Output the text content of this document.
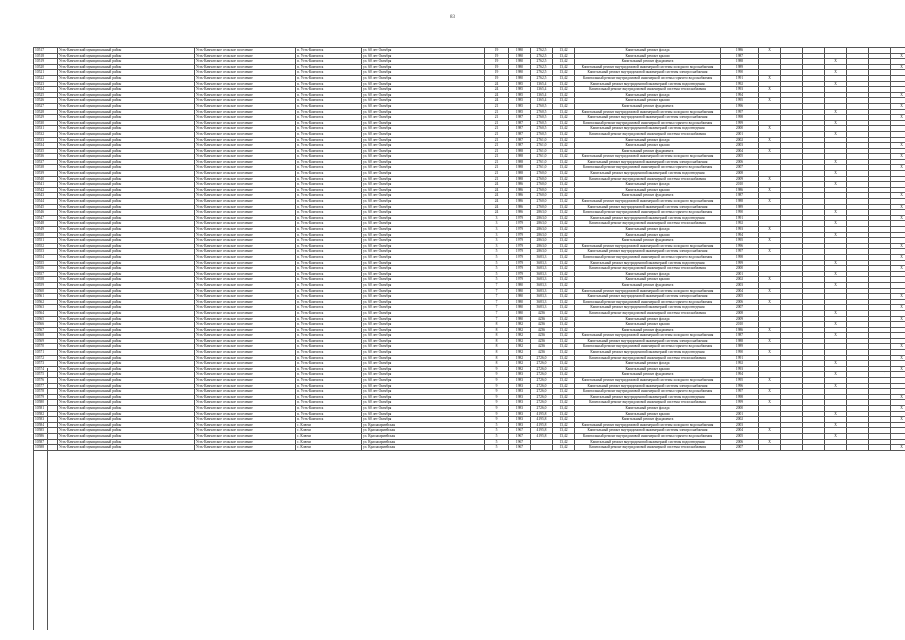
83
10517	Усть-Камчатский муниципальный район	Усть-Камчатское сельское поселение	п. Усть-Камчатск	ул. 60 лет Октября	19	1980	2762,5	13,42	Капитальный ремонт фасада	1986	X								
10518	Усть-Камчатский муниципальный район	Усть-Камчатское сельское поселение	п. Усть-Камчатск	ул. 60 лет Октября	19	1980	2762,5	13,42	Капитальный ремонт крыши	1987							X		
10519	Усть-Камчатский муниципальный район	Усть-Камчатское сельское поселение	п. Усть-Камчатск	ул. 60 лет Октября	19	1980	2762,5	13,42	Капитальный ремонт фундамента	1988				X					
10520	Усть-Камчатский муниципальный район	Усть-Камчатское сельское поселение	п. Усть-Камчатск	ул. 60 лет Октября	19	1980	2762,5	13,42	Капитальный ремонт внутридомовой инженерной системы холодного водоснабжения	1989							X		
10521	Усть-Камчатский муниципальный район	Усть-Камчатское сельское поселение	п. Усть-Камчатск	ул. 60 лет Октября	19	1980	2762,5	13,42	Капитальный ремонт внутридомовой инженерной системы электроснабжения	1990				X					
10522	Усть-Камчатский муниципальный район	Усть-Камчатское сельское поселение	п. Усть-Камчатск	ул. 60 лет Октября	19	1980	2762,5	13,42	Капитальный ремонт внутридомовой инженерной системы горячего водоснабжения	1991	X								
10523	Усть-Камчатский муниципальный район	Усть-Камчатское сельское поселение	п. Усть-Камчатск	ул. 60 лет Октября	24	1985	1365,4	13,42	Капитальный ремонт внутридомовой инженерной системы водоотведения	1992				X					
10524	Усть-Камчатский муниципальный район	Усть-Камчатское сельское поселение	п. Усть-Камчатск	ул. 60 лет Октября	24	1985	1365,4	13,42	Капитальный ремонт внутридомовой инженерной системы теплоснабжения	1993	X								
10525	Усть-Камчатский муниципальный район	Усть-Камчатское сельское поселение	п. Усть-Камчатск	ул. 60 лет Октября	24	1985	1365,4	13,42	Капитальный ремонт фасада	1994							X		
10526	Усть-Камчатский муниципальный район	Усть-Камчатское сельское поселение	п. Усть-Камчатск	ул. 60 лет Октября	24	1985	1365,4	13,42	Капитальный ремонт крыши	1995	X								
10527	Усть-Камчатский муниципальный район	Усть-Камчатское сельское поселение	п. Усть-Камчатск	ул. 60 лет Октября	21	1985	2760,5	13,42	Капитальный ремонт фундамента	1996							X		
10528	Усть-Камчатский муниципальный район	Усть-Камчатское сельское поселение	п. Усть-Камчатск	ул. 60 лет Октября	21	1985	2760,5	13,42	Капитальный ремонт внутридомовой инженерной системы холодного водоснабжения	1997				X					
10529	Усть-Камчатский муниципальный район	Усть-Камчатское сельское поселение	п. Усть-Камчатск	ул. 60 лет Октября	21	1987	2760,5	13,42	Капитальный ремонт внутридомовой инженерной системы электроснабжения	1998							X		
10530	Усть-Камчатский муниципальный район	Усть-Камчатское сельское поселение	п. Усть-Камчатск	ул. 60 лет Октября	21	1987	2760,5	13,42	Капитальный ремонт внутридомовой инженерной системы горячего водоснабжения	1999				X					
10531	Усть-Камчатский муниципальный район	Усть-Камчатское сельское поселение	п. Усть-Камчатск	ул. 60 лет Октября	21	1987	2760,5	13,42	Капитальный ремонт внутридомовой инженерной системы водоотведения	2000	X								
10532	Усть-Камчатский муниципальный район	Усть-Камчатское сельское поселение	п. Усть-Камчатск	ул. 60 лет Октября	21	1987	2760,5	13,42	Капитальный ремонт внутридомовой инженерной системы теплоснабжения	2001				X					
10533	Усть-Камчатский муниципальный район	Усть-Камчатское сельское поселение	п. Усть-Камчатск	ул. 60 лет Октября	21	1987	2761,0	13,42	Капитальный ремонт фасада	2002	X								
10534	Усть-Камчатский муниципальный район	Усть-Камчатское сельское поселение	п. Усть-Камчатск	ул. 60 лет Октября	21	1987	2761,0	13,42	Капитальный ремонт крыши	2003							X		
10535	Усть-Камчатский муниципальный район	Усть-Камчатское сельское поселение	п. Усть-Камчатск	ул. 60 лет Октября	21	1988	2761,0	13,42	Капитальный ремонт фундамента	2004	X								
10536	Усть-Камчатский муниципальный район	Усть-Камчатское сельское поселение	п. Усть-Камчатск	ул. 60 лет Октября	21	1988	2761,0	13,42	Капитальный ремонт внутридомовой инженерной системы холодного водоснабжения	2005							X		
10537	Усть-Камчатский муниципальный район	Усть-Камчатское сельское поселение	п. Усть-Камчатск	ул. 60 лет Октября	21	1988	2761,0	13,42	Капитальный ремонт внутридомовой инженерной системы электроснабжения	2006				X					
10538	Усть-Камчатский муниципальный район	Усть-Камчатское сельское поселение	п. Усть-Камчатск	ул. 60 лет Октября	21	1988	2761,0	13,42	Капитальный ремонт внутридомовой инженерной системы горячего водоснабжения	2007							X		
10539	Усть-Камчатский муниципальный район	Усть-Камчатское сельское поселение	п. Усть-Камчатск	ул. 60 лет Октября	21	1988	2760,0	13,42	Капитальный ремонт внутридомовой инженерной системы водоотведения	2008				X					
10540	Усть-Камчатский муниципальный район	Усть-Камчатское сельское поселение	п. Усть-Камчатск	ул. 60 лет Октября	21	1988	2760,0	13,42	Капитальный ремонт внутридомовой инженерной системы теплоснабжения	2009	X								
10541	Усть-Камчатский муниципальный район	Усть-Камчатское сельское поселение	п. Усть-Камчатск	ул. 60 лет Октября	24	1986	2760,0	13,42	Капитальный ремонт фасада	2010				X					
10542	Усть-Камчатский муниципальный район	Усть-Камчатское сельское поселение	п. Усть-Камчатск	ул. 60 лет Октября	24	1986	2760,0	13,42	Капитальный ремонт крыши	1986	X								
10543	Усть-Камчатский муниципальный район	Усть-Камчатское сельское поселение	п. Усть-Камчатск	ул. 60 лет Октября	24	1986	2760,0	13,42	Капитальный ремонт фундамента	1987							X		
10544	Усть-Камчатский муниципальный район	Усть-Камчатское сельское поселение	п. Усть-Камчатск	ул. 60 лет Октября	24	1986	2760,0	13,42	Капитальный ремонт внутридомовой инженерной системы холодного водоснабжения	1988	X								
10545	Усть-Камчатский муниципальный район	Усть-Камчатское сельское поселение	п. Усть-Камчатск	ул. 60 лет Октября	24	1986	2760,0	13,42	Капитальный ремонт внутридомовой инженерной системы электроснабжения	1989							X		
10546	Усть-Камчатский муниципальный район	Усть-Камчатское сельское поселение	п. Усть-Камчатск	ул. 60 лет Октября	24	1986	2863,0	13,42	Капитальный ремонт внутридомовой инженерной системы горячего водоснабжения	1990				X					
10547	Усть-Камчатский муниципальный район	Усть-Камчатское сельское поселение	п. Усть-Камчатск	ул. 60 лет Октября	3	1979	2863,0	13,42	Капитальный ремонт внутридомовой инженерной системы водоотведения	1991							X		
10548	Усть-Камчатский муниципальный район	Усть-Камчатское сельское поселение	п. Усть-Камчатск	ул. 60 лет Октября	3	1979	2863,0	13,42	Капитальный ремонт внутридомовой инженерной системы теплоснабжения	1992				X					
10549	Усть-Камчатский муниципальный район	Усть-Камчатское сельское поселение	п. Усть-Камчатск	ул. 60 лет Октября	3	1979	2863,0	13,42	Капитальный ремонт фасада	1993	X								
10550	Усть-Камчатский муниципальный район	Усть-Камчатское сельское поселение	п. Усть-Камчатск	ул. 60 лет Октября	3	1979	2863,0	13,42	Капитальный ремонт крыши	1994				X					
10551	Усть-Камчатский муниципальный район	Усть-Камчатское сельское поселение	п. Усть-Камчатск	ул. 60 лет Октября	3	1979	2863,0	13,42	Капитальный ремонт фундамента	1995	X								
10552	Усть-Камчатский муниципальный район	Усть-Камчатское сельское поселение	п. Усть-Камчатск	ул. 60 лет Октября	3	1979	2863,0	13,42	Капитальный ремонт внутридомовой инженерной системы холодного водоснабжения	1996							X		
10553	Усть-Камчатский муниципальный район	Усть-Камчатское сельское поселение	п. Усть-Камчатск	ул. 60 лет Октября	5	1979	2863,0	13,42	Капитальный ремонт внутридомовой инженерной системы электроснабжения	1997	X								
10554	Усть-Камчатский муниципальный район	Усть-Камчатское сельское поселение	п. Усть-Камчатск	ул. 60 лет Октября	5	1979	3683,3	13,42	Капитальный ремонт внутридомовой инженерной системы горячего водоснабжения	1998							X		
10555	Усть-Камчатский муниципальный район	Усть-Камчатское сельское поселение	п. Усть-Камчатск	ул. 60 лет Октября	5	1979	3683,3	13,42	Капитальный ремонт внутридомовой инженерной системы водоотведения	1999				X					
10556	Усть-Камчатский муниципальный район	Усть-Камчатское сельское поселение	п. Усть-Камчатск	ул. 60 лет Октября	5	1979	3683,3	13,42	Капитальный ремонт внутридомовой инженерной системы теплоснабжения	2000							X		
10557	Усть-Камчатский муниципальный район	Усть-Камчатское сельское поселение	п. Усть-Камчатск	ул. 60 лет Октября	5	1979	3683,3	13,42	Капитальный ремонт фасада	2001				X					
10558	Усть-Камчатский муниципальный район	Усть-Камчатское сельское поселение	п. Усть-Камчатск	ул. 60 лет Октября	5	1979	3683,3	13,42	Капитальный ремонт крыши	2002	X								
10559	Усть-Камчатский муниципальный район	Усть-Камчатское сельское поселение	п. Усть-Камчатск	ул. 60 лет Октября	7	1980	3683,3	13,42	Капитальный ремонт фундамента	2003				X					
10560	Усть-Камчатский муниципальный район	Усть-Камчатское сельское поселение	п. Усть-Камчатск	ул. 60 лет Октября	7	1980	3683,3	13,42	Капитальный ремонт внутридомовой инженерной системы холодного водоснабжения	2004	X								
10561	Усть-Камчатский муниципальный район	Усть-Камчатское сельское поселение	п. Усть-Камчатск	ул. 60 лет Октября	7	1980	3683,3	13,42	Капитальный ремонт внутридомовой инженерной системы электроснабжения	2005							X		
10562	Усть-Камчатский муниципальный район	Усть-Камчатское сельское поселение	п. Усть-Камчатск	ул. 60 лет Октября	7	1980	3683,3	13,42	Капитальный ремонт внутридомовой инженерной системы горячего водоснабжения	2006	X								
10563	Усть-Камчатский муниципальный район	Усть-Камчатское сельское поселение	п. Усть-Камчатск	ул. 60 лет Октября	7	1980	3683,3	13,42	Капитальный ремонт внутридомовой инженерной системы водоотведения	2007							X		
10564	Усть-Камчатский муниципальный район	Усть-Камчатское сельское поселение	п. Усть-Камчатск	ул. 60 лет Октября	7	1980	4236	13,42	Капитальный ремонт внутридомовой инженерной системы теплоснабжения	2008				X					
10565	Усть-Камчатский муниципальный район	Усть-Камчатское сельское поселение	п. Усть-Камчатск	ул. 60 лет Октября	7	1980	4236	13,42	Капитальный ремонт фасада	2009							X		
10566	Усть-Камчатский муниципальный район	Усть-Камчатское сельское поселение	п. Усть-Камчатск	ул. 60 лет Октября	8	1982	4236	13,42	Капитальный ремонт крыши	2010				X					
10567	Усть-Камчатский муниципальный район	Усть-Камчатское сельское поселение	п. Усть-Камчатск	ул. 60 лет Октября	8	1982	4236	13,42	Капитальный ремонт фундамента	1986	X								
10568	Усть-Камчатский муниципальный район	Усть-Камчатское сельское поселение	п. Усть-Камчатск	ул. 60 лет Октября	8	1982	4236	13,42	Капитальный ремонт внутридомовой инженерной системы холодного водоснабжения	1987				X					
10569	Усть-Камчатский муниципальный район	Усть-Камчатское сельское поселение	п. Усть-Камчатск	ул. 60 лет Октября	8	1982	4236	13,42	Капитальный ремонт внутридомовой инженерной системы электроснабжения	1988	X								
10570	Усть-Камчатский муниципальный район	Усть-Камчатское сельское поселение	п. Усть-Камчатск	ул. 60 лет Октября	8	1982	4236	13,42	Капитальный ремонт внутридомовой инженерной системы горячего водоснабжения	1989							X		
10571	Усть-Камчатский муниципальный район	Усть-Камчатское сельское поселение	п. Усть-Камчатск	ул. 60 лет Октября	8	1982	4236	13,42	Капитальный ремонт внутридомовой инженерной системы водоотведения	1990	X								
10572	Усть-Камчатский муниципальный район	Усть-Камчатское сельское поселение	п. Усть-Камчатск	ул. 60 лет Октября	8	1982	2726,0	13,42	Капитальный ремонт внутридомовой инженерной системы теплоснабжения	1991							X		
10573	Усть-Камчатский муниципальный район	Усть-Камчатское сельское поселение	п. Усть-Камчатск	ул. 60 лет Октября	8	1982	2726,0	13,42	Капитальный ремонт фасада	1992				X					
10574	Усть-Камчатский муниципальный район	Усть-Камчатское сельское поселение	п. Усть-Камчатск	ул. 60 лет Октября	9	1982	2726,0	13,42	Капитальный ремонт крыши	1993							X		
10575	Усть-Камчатский муниципальный район	Усть-Камчатское сельское поселение	п. Усть-Камчатск	ул. 60 лет Октября	9	1983	2726,0	13,42	Капитальный ремонт фундамента	1994				X					
10576	Усть-Камчатский муниципальный район	Усть-Камчатское сельское поселение	п. Усть-Камчатск	ул. 60 лет Октября	9	1983	2726,0	13,42	Капитальный ремонт внутридомовой инженерной системы холодного водоснабжения	1995	X								
10577	Усть-Камчатский муниципальный район	Усть-Камчатское сельское поселение	п. Усть-Камчатск	ул. 60 лет Октября	9	1983	2726,0	13,42	Капитальный ремонт внутридомовой инженерной системы электроснабжения	1996				X					
10578	Усть-Камчатский муниципальный район	Усть-Камчатское сельское поселение	п. Усть-Камчатск	ул. 60 лет Октября	9	1983	2726,0	13,42	Капитальный ремонт внутридомовой инженерной системы горячего водоснабжения	1997	X								
10579	Усть-Камчатский муниципальный район	Усть-Камчатское сельское поселение	п. Усть-Камчатск	ул. 60 лет Октября	9	1983	2726,0	13,42	Капитальный ремонт внутридомовой инженерной системы водоотведения	1998							X		
10580	Усть-Камчатский муниципальный район	Усть-Камчатское сельское поселение	п. Усть-Камчатск	ул. 60 лет Октября	9	1983	2726,0	13,42	Капитальный ремонт внутридомовой инженерной системы теплоснабжения	1999	X								
10581	Усть-Камчатский муниципальный район	Усть-Камчатское сельское поселение	п. Усть-Камчатск	ул. 60 лет Октября	9	1983	2726,0	13,42	Капитальный ремонт фасада	2000							X		
10582	Усть-Камчатский муниципальный район	Усть-Камчатское сельское поселение	п. Усть-Камчатск	ул. 60 лет Октября	9	1983	4195,8	13,42	Капитальный ремонт крыши	2001				X					
10583	Усть-Камчатский муниципальный район	Усть-Камчатское сельское поселение	п. Усть-Камчатск	ул. 60 лет Октября	9	1983	4195,8	13,42	Капитальный ремонт фундамента	2002							X		
10584	Усть-Камчатский муниципальный район	Усть-Камчатское сельское поселение	с. Ключи	ул. Красноармейская	5	1983	4195,8	13,42	Капитальный ремонт внутридомовой инженерной системы холодного водоснабжения	2003				X					
10585	Усть-Камчатский муниципальный район	Усть-Камчатское сельское поселение	с. Ключи	ул. Красноармейская	5	1967	4195,8	13,42	Капитальный ремонт внутридомовой инженерной системы электроснабжения	2004	X								
10586	Усть-Камчатский муниципальный район	Усть-Камчатское сельское поселение	с. Ключи	ул. Красноармейская	5	1967	4195,8	13,42	Капитальный ремонт внутридомовой инженерной системы горячего водоснабжения	2005				X					
10587	Усть-Камчатский муниципальный район	Усть-Камчатское сельское поселение	с. Ключи	ул. Красноармейская	5	1967		13,42	Капитальный ремонт внутридомовой инженерной системы водоотведения	2006	X								
10588	Усть-Камчатский муниципальный район	Усть-Камчатское сельское поселение	с. Ключи	ул. Красноармейская	5	1967		13,42	Капитальный ремонт внутридомовой инженерной системы теплоснабжения	2007							X		
·
